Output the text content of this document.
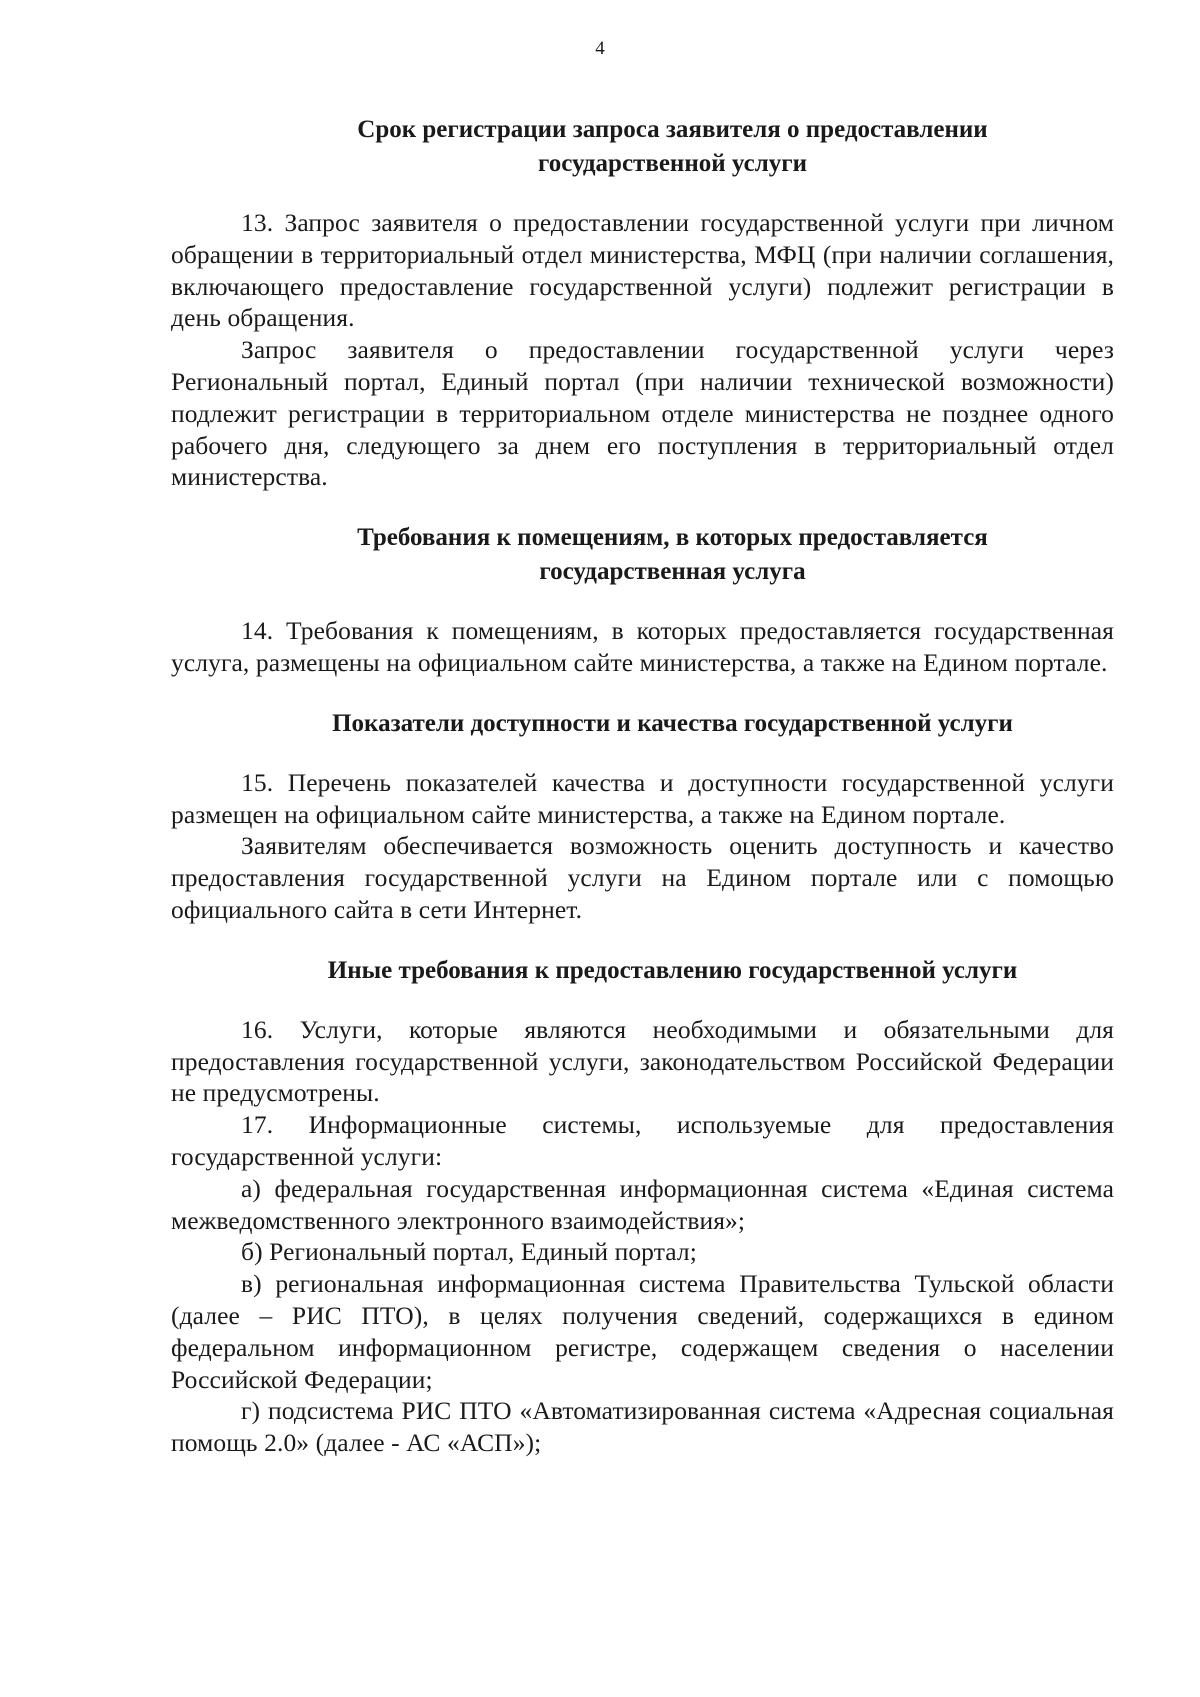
4
Срок регистрации запроса заявителя о предоставлении
государственной услуги

13. Запрос заявителя о предоставлении государственной услуги при личном обращении в территориальный отдел министерства, МФЦ (при наличии соглашения, включающего предоставление государственной услуги) подлежит регистрации в день обращения.

Запрос заявителя о предоставлении государственной услуги через Региональный портал, Единый портал (при наличии технической возможности) подлежит регистрации в территориальном отделе министерства не позднее одного рабочего дня, следующего за днем его поступления в территориальный отдел министерства.

Требования к помещениям, в которых предоставляется
государственная услуга

14. Требования к помещениям, в которых предоставляется государственная услуга, размещены на официальном сайте министерства, а также на Едином портале.

Показатели доступности и качества государственной услуги

15. Перечень показателей качества и доступности государственной услуги размещен на официальном сайте министерства, а также на Едином портале.

Заявителям обеспечивается возможность оценить доступность и качество предоставления государственной услуги на Едином портале или с помощью официального сайта в сети Интернет.

Иные требования к предоставлению государственной услуги

16. Услуги, которые являются необходимыми и обязательными для предоставления государственной услуги, законодательством Российской Федерации не предусмотрены.

17. Информационные системы, используемые для предоставления государственной услуги:

а) федеральная государственная информационная система «Единая система межведомственного электронного взаимодействия»;

б) Региональный портал, Единый портал;

в) региональная информационная система Правительства Тульской области (далее – РИС ПТО), в целях получения сведений, содержащихся в едином федеральном информационном регистре, содержащем сведения о населении Российской Федерации;

г) подсистема РИС ПТО «Автоматизированная система «Адресная социальная помощь 2.0» (далее - АС «АСП»);
